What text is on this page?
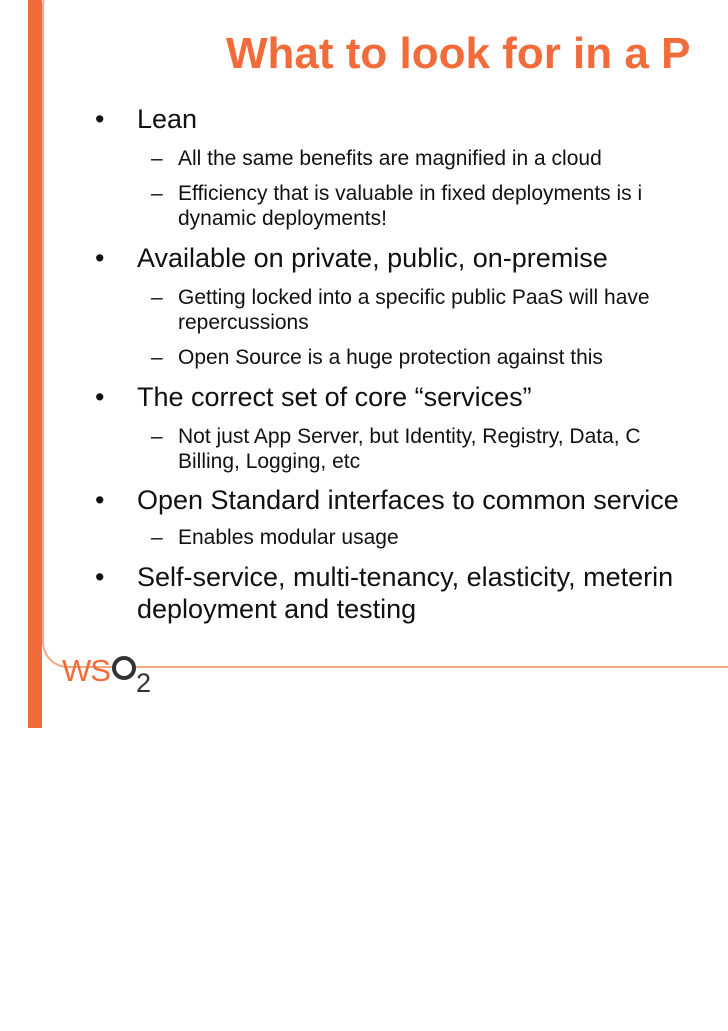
What to look for in a P
• Lean
– All the same benefits are magnified in a cloud
– Efficiency that is valuable in fixed deployments is i
dynamic deployments!
• Available on private, public, on-premise
– Getting locked into a specific public PaaS will have
repercussions
– Open Source is a huge protection against this
• The correct set of core “services”
– Not just App Server, but Identity, Registry, Data, C
Billing, Logging, etc
• Open Standard interfaces to common service
– Enables modular usage
• Self-service, multi-tenancy, elasticity, meterin
deployment and testing
WS 2
